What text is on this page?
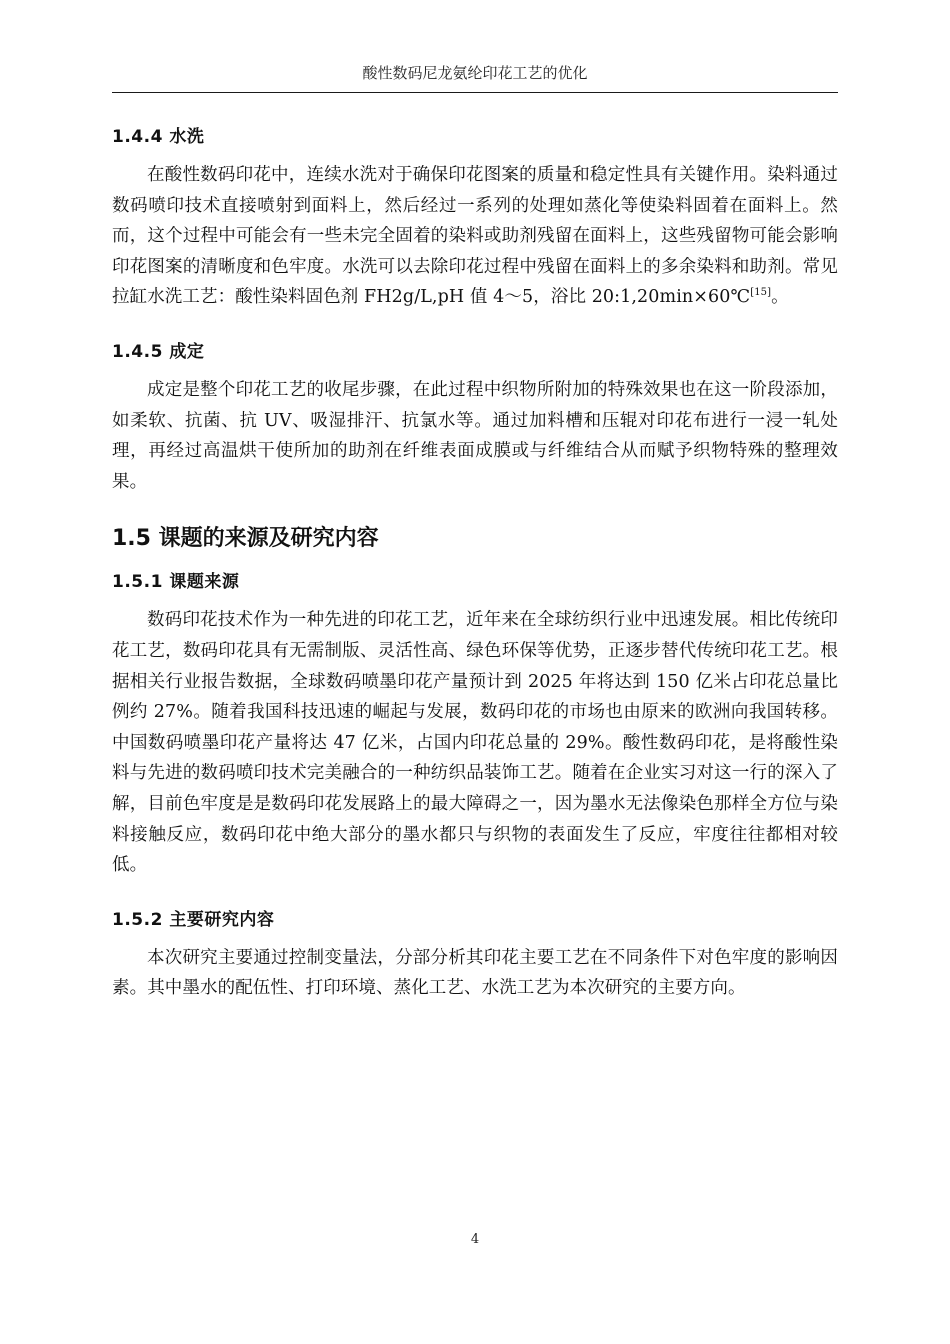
酸性数码尼龙氨纶印花工艺的优化
1.4.4 水洗

在酸性数码印花中，连续水洗对于确保印花图案的质量和稳定性具有关键作用。染料通过数码喷印技术直接喷射到面料上，然后经过一系列的处理如蒸化等使染料固着在面料上。然而，这个过程中可能会有一些未完全固着的染料或助剂残留在面料上，这些残留物可能会影响印花图案的清晰度和色牢度。水洗可以去除印花过程中残留在面料上的多余染料和助剂。常见拉缸水洗工艺：酸性染料固色剂 FH2g/L,pH 值 4～5，浴比 20:1,20min×60℃[15]。

1.4.5 成定

成定是整个印花工艺的收尾步骤，在此过程中织物所附加的特殊效果也在这一阶段添加，如柔软、抗菌、抗 UV、吸湿排汗、抗氯水等。通过加料槽和压辊对印花布进行一浸一轧处理，再经过高温烘干使所加的助剂在纤维表面成膜或与纤维结合从而赋予织物特殊的整理效果。

1.5 课题的来源及研究内容
1.5.1 课题来源

数码印花技术作为一种先进的印花工艺，近年来在全球纺织行业中迅速发展。相比传统印花工艺，数码印花具有无需制版、灵活性高、绿色环保等优势，正逐步替代传统印花工艺。根据相关行业报告数据，全球数码喷墨印花产量预计到 2025 年将达到 150 亿米占印花总量比例约 27%。随着我国科技迅速的崛起与发展，数码印花的市场也由原来的欧洲向我国转移。中国数码喷墨印花产量将达 47 亿米，占国内印花总量的 29%。酸性数码印花，是将酸性染料与先进的数码喷印技术完美融合的一种纺织品装饰工艺。随着在企业实习对这一行的深入了解，目前色牢度是是数码印花发展路上的最大障碍之一，因为墨水无法像染色那样全方位与染料接触反应，数码印花中绝大部分的墨水都只与织物的表面发生了反应，牢度往往都相对较低。

1.5.2 主要研究内容

本次研究主要通过控制变量法，分部分析其印花主要工艺在不同条件下对色牢度的影响因素。其中墨水的配伍性、打印环境、蒸化工艺、水洗工艺为本次研究的主要方向。

4
